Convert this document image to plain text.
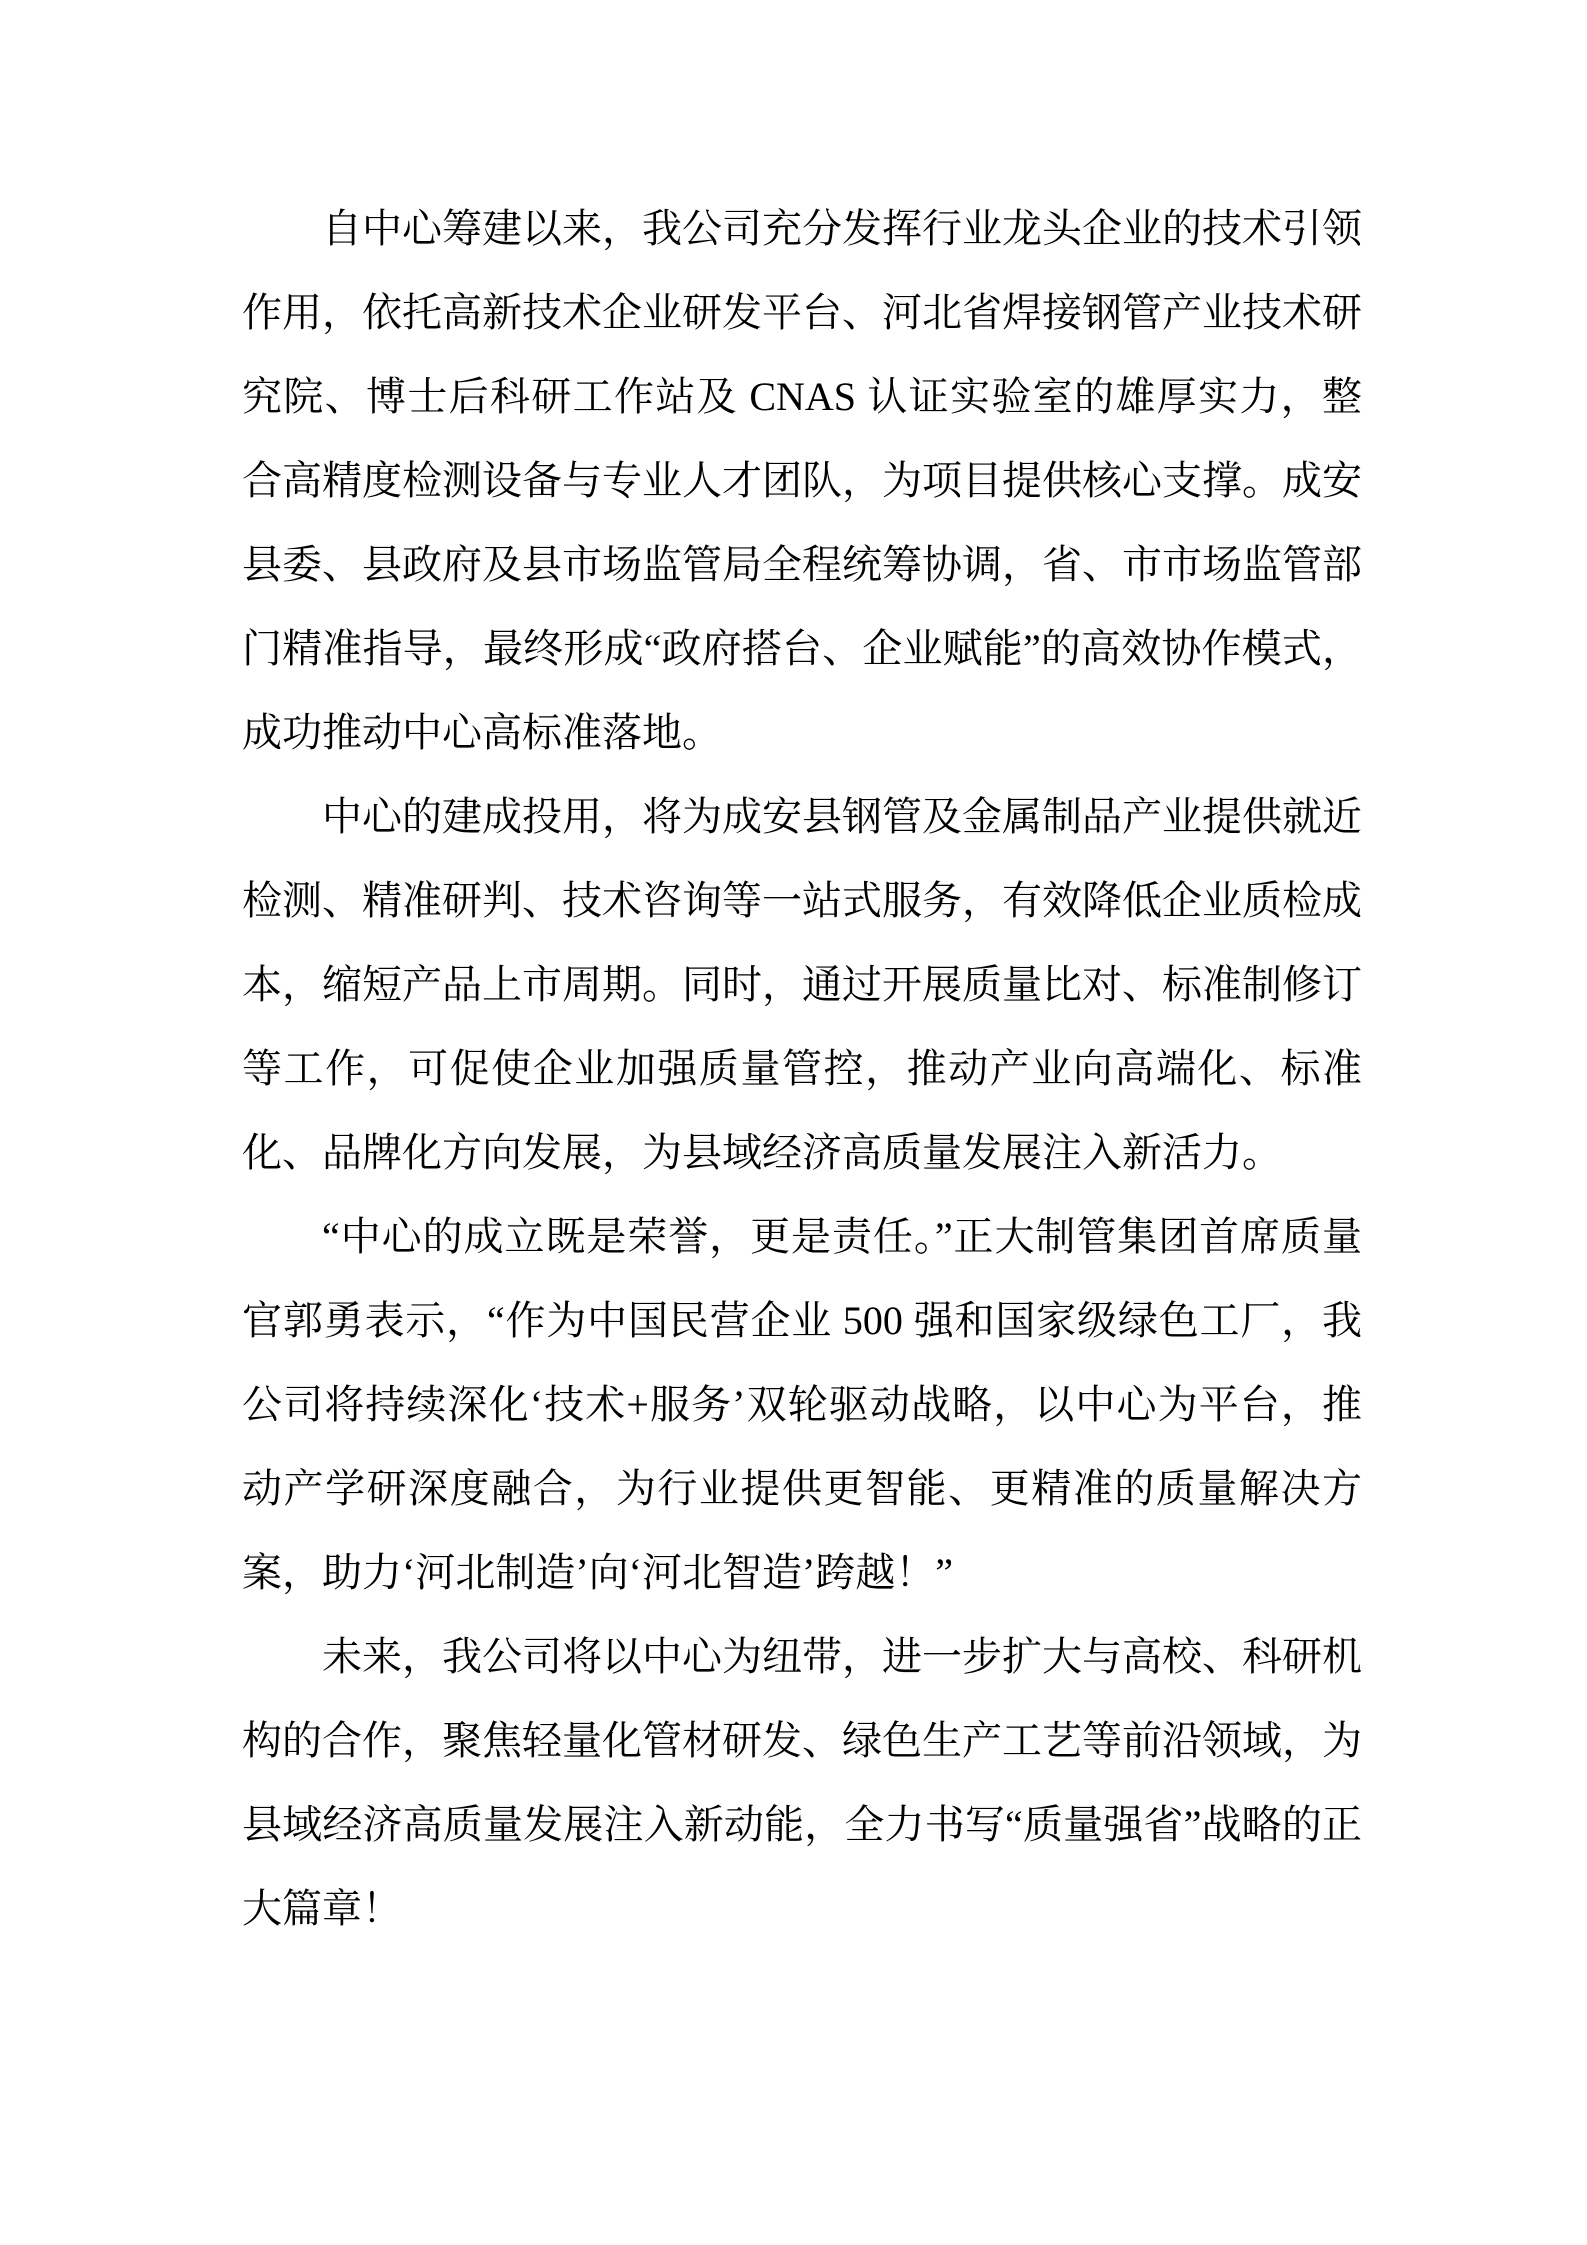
自中心筹建以来，我公司充分发挥行业龙头企业的技术引领作用，依托高新技术企业研发平台、河北省焊接钢管产业技术研究院、博士后科研工作站及 CNAS 认证实验室的雄厚实力，整合高精度检测设备与专业人才团队，为项目提供核心支撑。成安县委、县政府及县市场监管局全程统筹协调，省、市市场监管部门精准指导，最终形成“政府搭台、企业赋能”的高效协作模式，成功推动中心高标准落地。

中心的建成投用，将为成安县钢管及金属制品产业提供就近检测、精准研判、技术咨询等一站式服务，有效降低企业质检成本，缩短产品上市周期。同时，通过开展质量比对、标准制修订等工作，可促使企业加强质量管控，推动产业向高端化、标准化、品牌化方向发展，为县域经济高质量发展注入新活力。

“中心的成立既是荣誉，更是责任。”正大制管集团首席质量官郭勇表示，“作为中国民营企业 500 强和国家级绿色工厂，我公司将持续深化‘技术+服务’双轮驱动战略，以中心为平台，推动产学研深度融合，为行业提供更智能、更精准的质量解决方案，助力‘河北制造’向‘河北智造’跨越！”

未来，我公司将以中心为纽带，进一步扩大与高校、科研机构的合作，聚焦轻量化管材研发、绿色生产工艺等前沿领域，为县域经济高质量发展注入新动能，全力书写“质量强省”战略的正大篇章！
